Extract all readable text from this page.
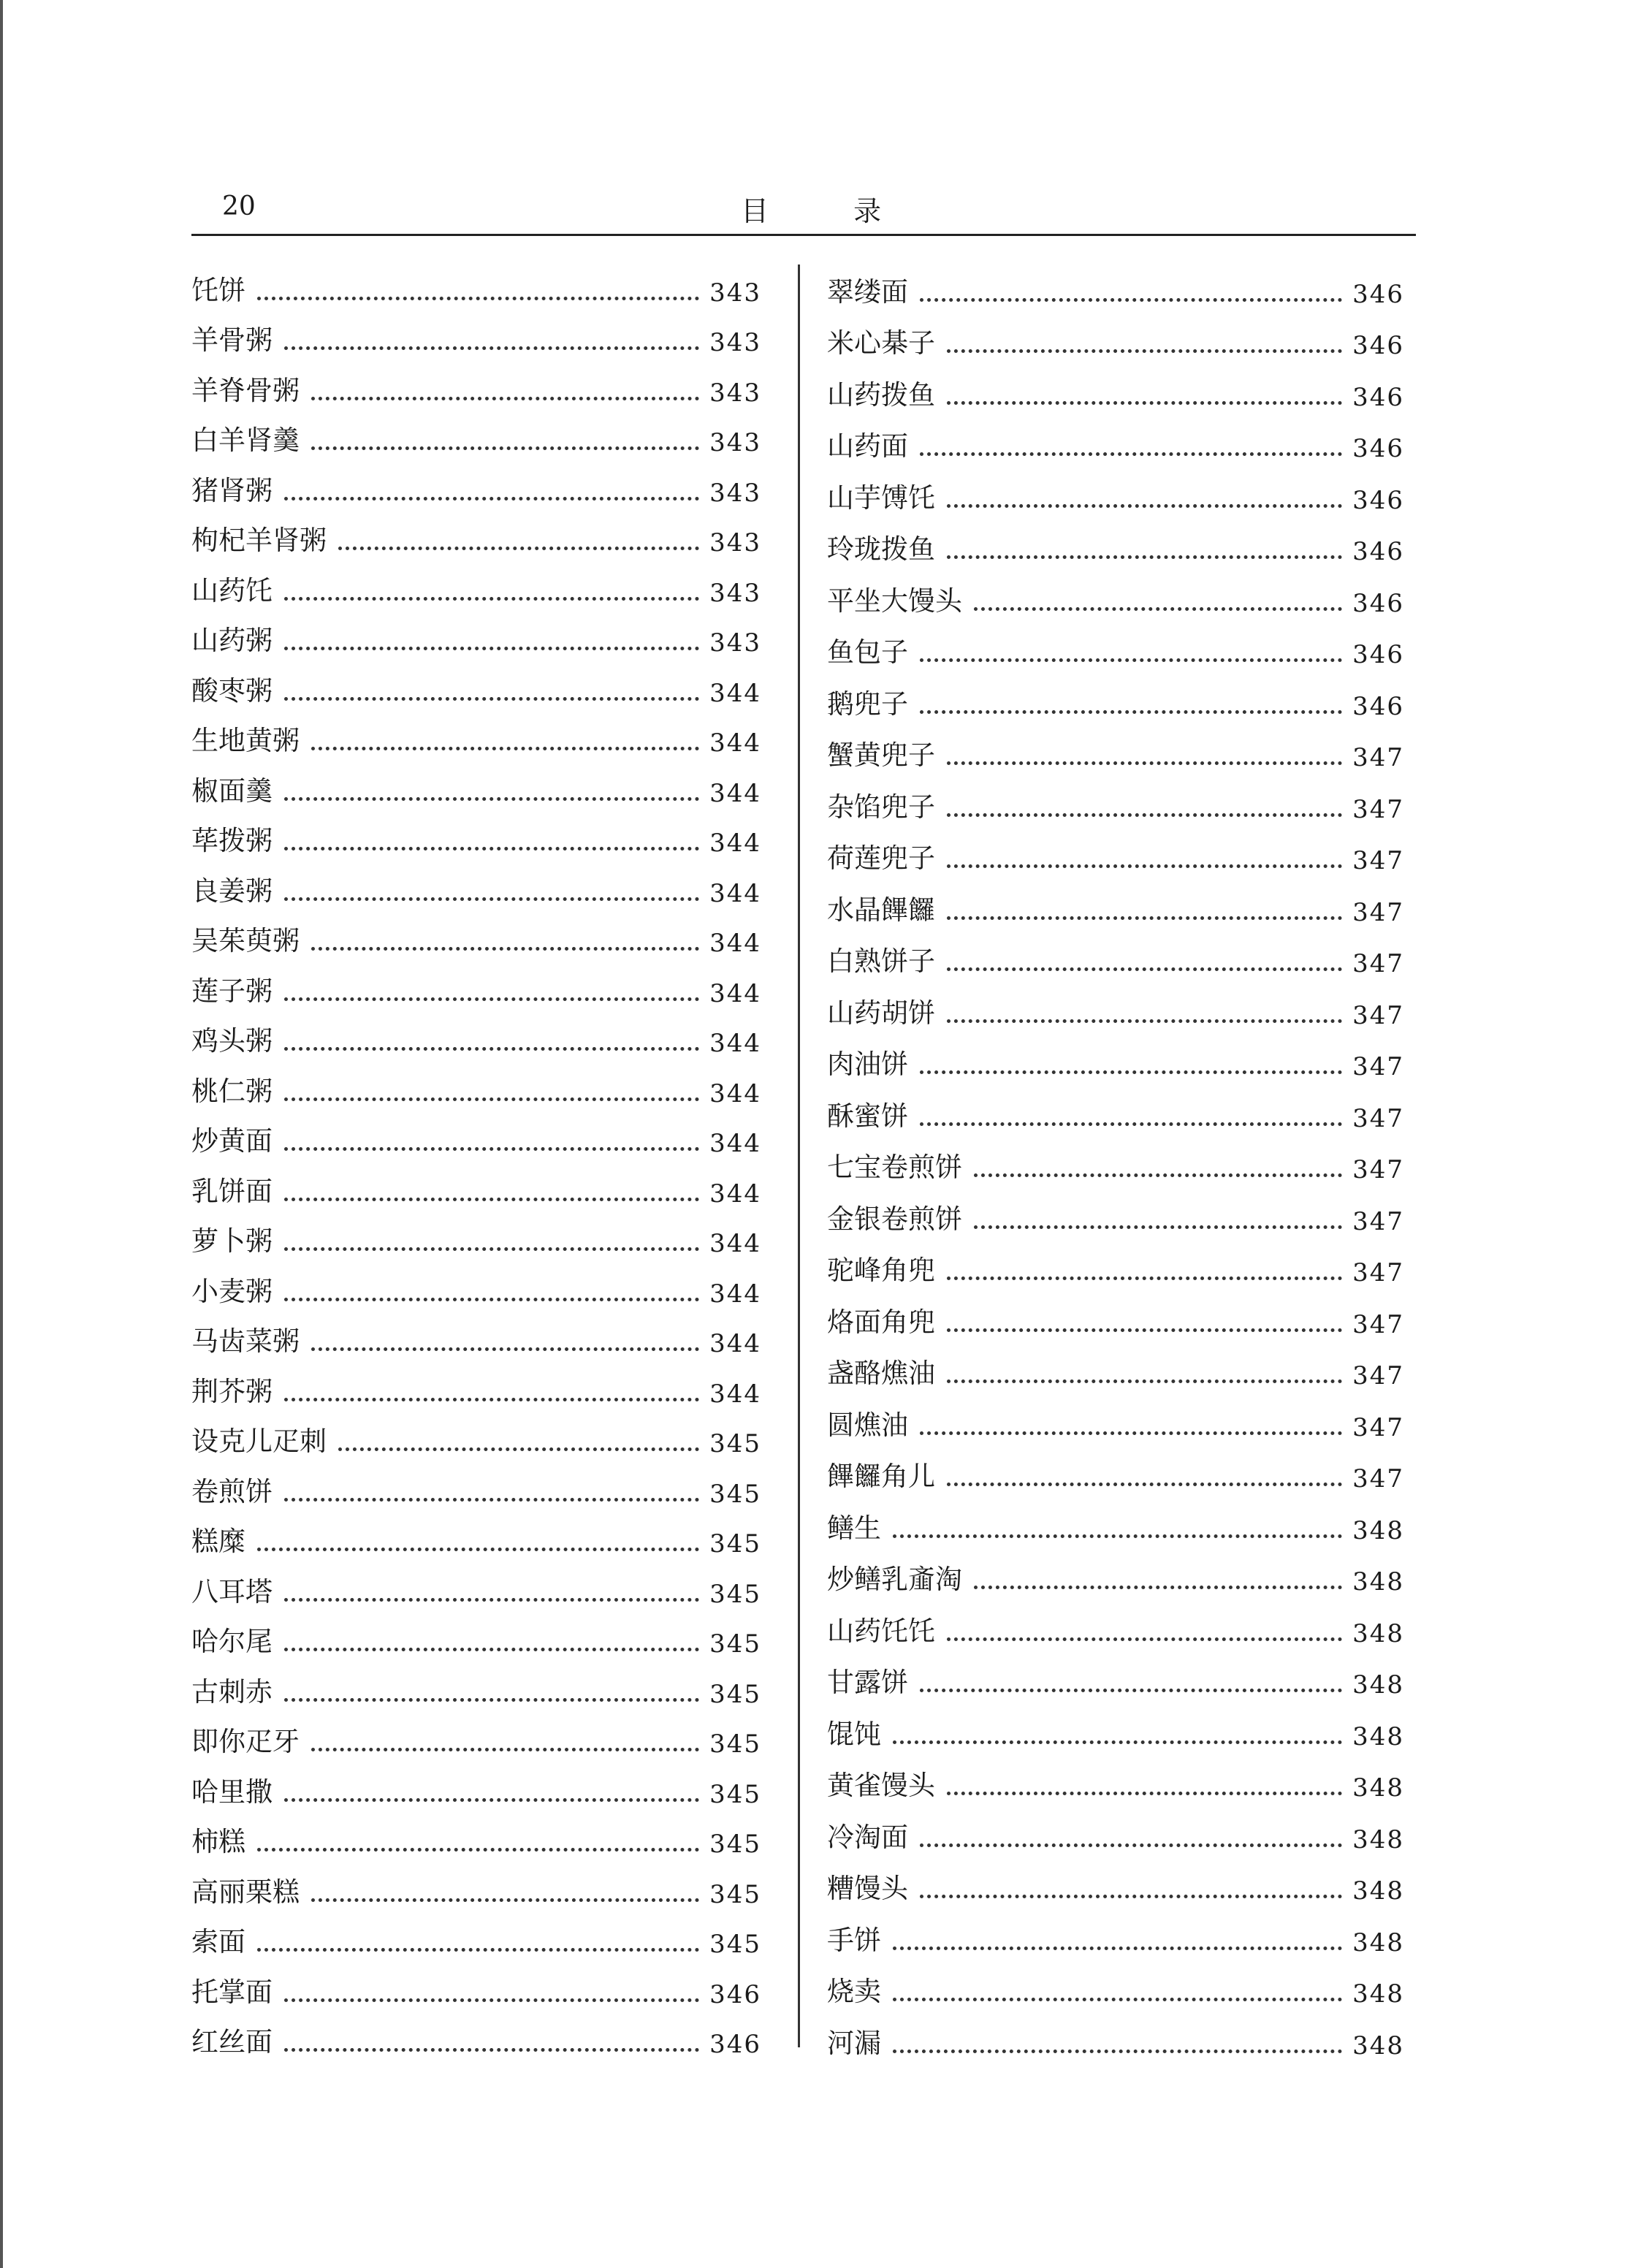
20	目 录
饦饼	343
羊骨粥	343
羊脊骨粥	343
白羊肾羹	343
猪肾粥	343
枸杞羊肾粥	343
山药饦	343
山药粥	343
酸枣粥	344
生地黄粥	344
椒面羹	344
荜拨粥	344
良姜粥	344
吴茱萸粥	344
莲子粥	344
鸡头粥	344
桃仁粥	344
炒黄面	344
乳饼面	344
萝卜粥	344
小麦粥	344
马齿菜粥	344
荆芥粥	344
设克儿疋刺	345
卷煎饼	345
糕糜	345
八耳塔	345
哈尔尾	345
古刺赤	345
即你疋牙	345
哈里撒	345
柿糕	345
高丽栗糕	345
索面	345
托掌面	346
红丝面	346
翠缕面	346
米心棊子	346
山药拨鱼	346
山药面	346
山芋馎饦	346
玲珑拨鱼	346
平坐大馒头	346
鱼包子	346
鹅兜子	346
蟹黄兜子	347
杂馅兜子	347
荷莲兜子	347
水晶饆饠	347
白熟饼子	347
山药胡饼	347
肉油饼	347
酥蜜饼	347
七宝卷煎饼	347
金银卷煎饼	347
驼峰角兜	347
烙面角兜	347
盏酪燋油	347
圆燋油	347
饆饠角儿	347
鳝生	348
炒鳝乳齑淘	348
山药饦饦	348
甘露饼	348
馄饨	348
黄雀馒头	348
冷淘面	348
糟馒头	348
手饼	348
烧卖	348
河漏	348
